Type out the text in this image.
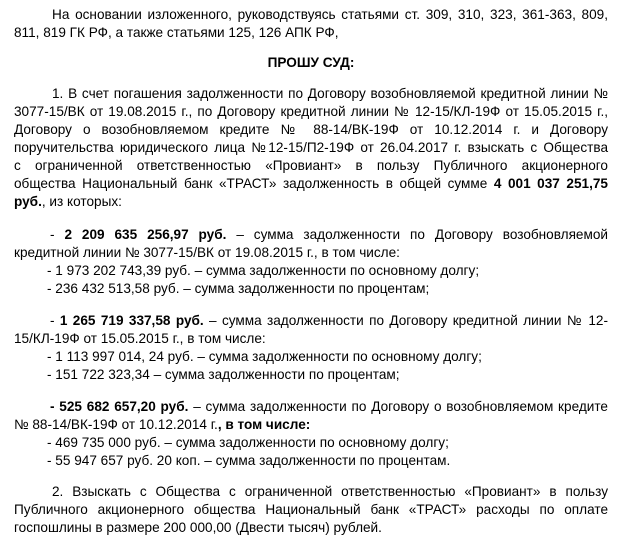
На основании изложенного, руководствуясь статьями ст. 309, 310, 323, 361-363, 809,
811, 819 ГК РФ, а также статьями 125, 126 АПК РФ,
ПРОШУ СУД:
1. В счет погашения задолженности по Договору возобновляемой кредитной линии №
3077-15/ВК от 19.08.2015 г., по Договору кредитной линии № 12-15/КЛ-19Ф от 15.05.2015 г.,
Договору о возобновляемом кредите № 88-14/ВК-19Ф от 10.12.2014 г. и Договору
поручительства юридического лица №12-15/П2-19Ф от 26.04.2017 г. взыскать с Общества
с ограниченной ответственностью «Провиант» в пользу Публичного акционерного
общества Национальный банк «ТРАСТ» задолженность в общей сумме 4 001 037 251,75
руб., из которых:
- 2 209 635 256,97 руб. – сумма задолженности по Договору возобновляемой
кредитной линии № 3077-15/ВК от 19.08.2015 г., в том числе:
- 1 973 202 743,39 руб. – сумма задолженности по основному долгу;
- 236 432 513,58 руб. – сумма задолженности по процентам;
- 1 265 719 337,58 руб. – сумма задолженности по Договору кредитной линии № 12-
15/КЛ-19Ф от 15.05.2015 г., в том числе:
- 1 113 997 014, 24 руб. – сумма задолженности по основному долгу;
- 151 722 323,34 – сумма задолженности по процентам;
- 525 682 657,20 руб. – сумма задолженности по Договору о возобновляемом кредите
№ 88-14/ВК-19Ф от 10.12.2014 г., в том числе:
- 469 735 000 руб. – сумма задолженности по основному долгу;
- 55 947 657 руб. 20 коп. – сумма задолженности по процентам.
2. Взыскать с Общества с ограниченной ответственностью «Провиант» в пользу
Публичного акционерного общества Национальный банк «ТРАСТ» расходы по оплате
госпошлины в размере 200 000,00 (Двести тысяч) рублей.
